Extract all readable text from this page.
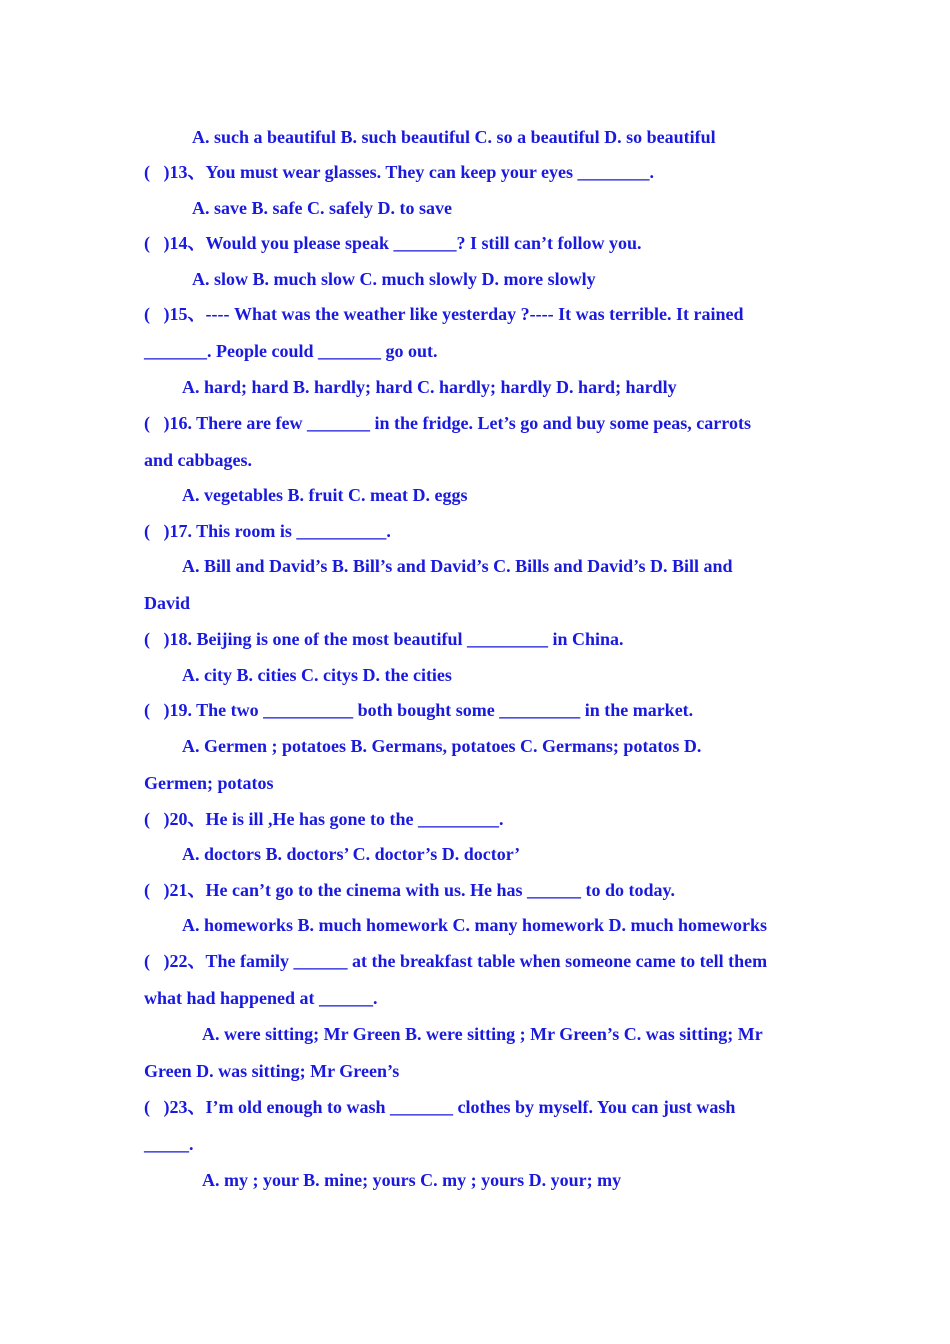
A. such a beautiful B. such beautiful C. so a beautiful D. so beautiful
(   )13、You must wear glasses. They can keep your eyes ________.
A. save B. safe C. safely D. to save
(   )14、Would you please speak _______? I still can’t follow you.
A. slow B. much slow C. much slowly D. more slowly
(   )15、---- What was the weather like yesterday ?---- It was terrible. It rained
_______. People could _______ go out.
A. hard; hard B. hardly; hard C. hardly; hardly D. hard; hardly
(   )16. There are few _______ in the fridge. Let’s go and buy some peas, carrots
and cabbages.
A. vegetables B. fruit C. meat D. eggs
(   )17. This room is __________.
A. Bill and David’s B. Bill’s and David’s C. Bills and David’s D. Bill and
David
(   )18. Beijing is one of the most beautiful _________ in China.
A. city B. cities C. citys D. the cities
(   )19. The two __________ both bought some _________ in the market.
A. Germen ; potatoes B. Germans, potatoes C. Germans; potatos D.
Germen; potatos
(   )20、He is ill ,He has gone to the _________.
A. doctors B. doctors’ C. doctor’s D. doctor’
(   )21、He can’t go to the cinema with us. He has ______ to do today.
A. homeworks B. much homework C. many homework D. much homeworks
(   )22、The family ______ at the breakfast table when someone came to tell them
what had happened at ______.
A. were sitting; Mr Green B. were sitting ; Mr Green’s C. was sitting; Mr
Green D. was sitting; Mr Green’s
(   )23、I’m old enough to wash _______ clothes by myself. You can just wash
_____.
A. my ; your B. mine; yours C. my ; yours D. your; my
